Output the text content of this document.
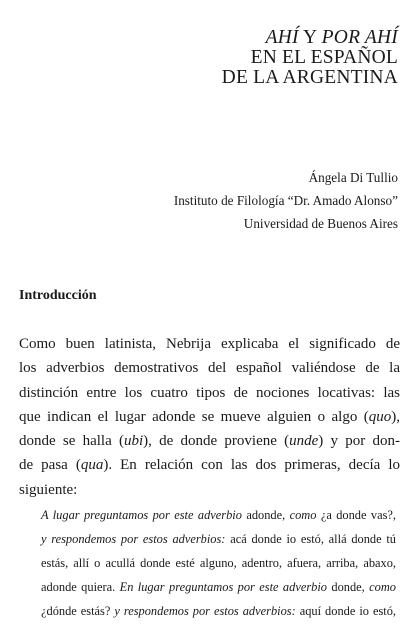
AHÍ Y POR AHÍ
EN EL ESPAÑOL
DE LA ARGENTINA
Ángela Di Tullio
Instituto de Filología “Dr. Amado Alonso”
Universidad de Buenos Aires
Introducción

Como buen latinista, Nebrija explicaba el significado de
los adverbios demostrativos del español valiéndose de la
distinción entre los cuatro tipos de nociones locativas: las
que indican el lugar adonde se mueve alguien o algo (quo),
donde se halla (ubi), de donde proviene (unde) y por don-
de pasa (qua). En relación con las dos primeras, decía lo
siguiente:

A lugar preguntamos por este adverbio adonde, como ¿a donde vas?,
y respondemos por estos adverbios: acá donde io estó, allá donde tú
estás, allí o acullá donde esté alguno, adentro, afuera, arriba, abaxo,
adonde quiera. En lugar preguntamos por este adverbio donde, como
¿dónde estás? y respondemos por estos adverbios: aquí donde io estó,
